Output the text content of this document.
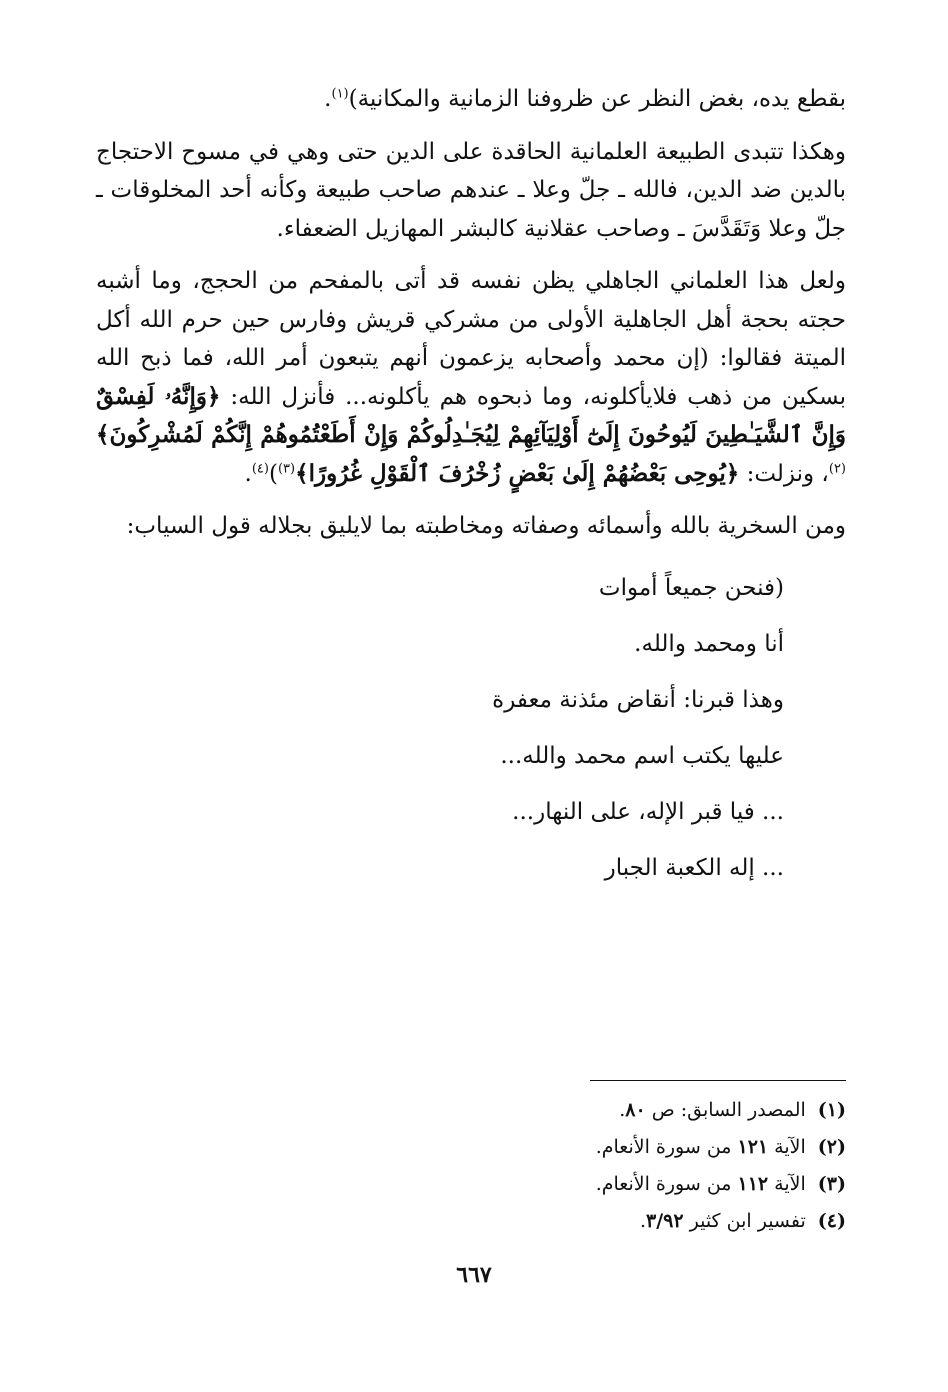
بقطع يده، بغض النظر عن ظروفنا الزمانية والمكانية)$^{(١)}$.

وهكذا تتبدى الطبيعة العلمانية الحاقدة على الدين حتى وهي في مسوح الاحتجاج بالدين ضد الدين، فالله ـ جلّ وعلا ـ عندهم صاحب طبيعة وكأنه أحد المخلوقات ـ جلّ وعلا وَتَقَدَّسَ ـ وصاحب عقلانية كالبشر المهازيل الضعفاء.

ولعل هذا العلماني الجاهلي يظن نفسه قد أتى بالمفحم من الحجج، وما أشبه حجته بحجة أهل الجاهلية الأولى من مشركي قريش وفارس حين حرم الله أكل الميتة فقالوا: (إن محمد وأصحابه يزعمون أنهم يتبعون أمر الله، فما ذبح الله بسكين من ذهب فلايأكلونه، وما ذبحوه هم يأكلونه... فأنزل الله: ﴿وَإِنَّهُۥ لَفِسْقٌ وَإِنَّ ٱلشَّيَـٰطِينَ لَيُوحُونَ إِلَىٰٓ أَوْلِيَآئِهِمْ لِيُجَـٰدِلُوكُمْ وَإِنْ أَطَعْتُمُوهُمْ إِنَّكُمْ لَمُشْرِكُونَ﴾$^{(٢)}$، ونزلت: ﴿يُوحِى بَعْضُهُمْ إِلَىٰ بَعْضٍ زُخْرُفَ ٱلْقَوْلِ غُرُورًا﴾$^{(٣)}$)$^{(٤)}$.

ومن السخرية بالله وأسمائه وصفاته ومخاطبته بما لايليق بجلاله قول السياب:

(فنحن جميعاً أموات
أنا ومحمد والله.
وهذا قبرنا: أنقاض مئذنة معفرة
عليها يكتب اسم محمد والله...
... فيا قبر الإله، على النهار...
... إله الكعبة الجبار
(١)المصدر السابق: ص ٨٠.
(٢)الآية ١٢١ من سورة الأنعام.
(٣)الآية ١١٢ من سورة الأنعام.
(٤)تفسير ابن كثير ٣/٩٢.
٦٦٧
